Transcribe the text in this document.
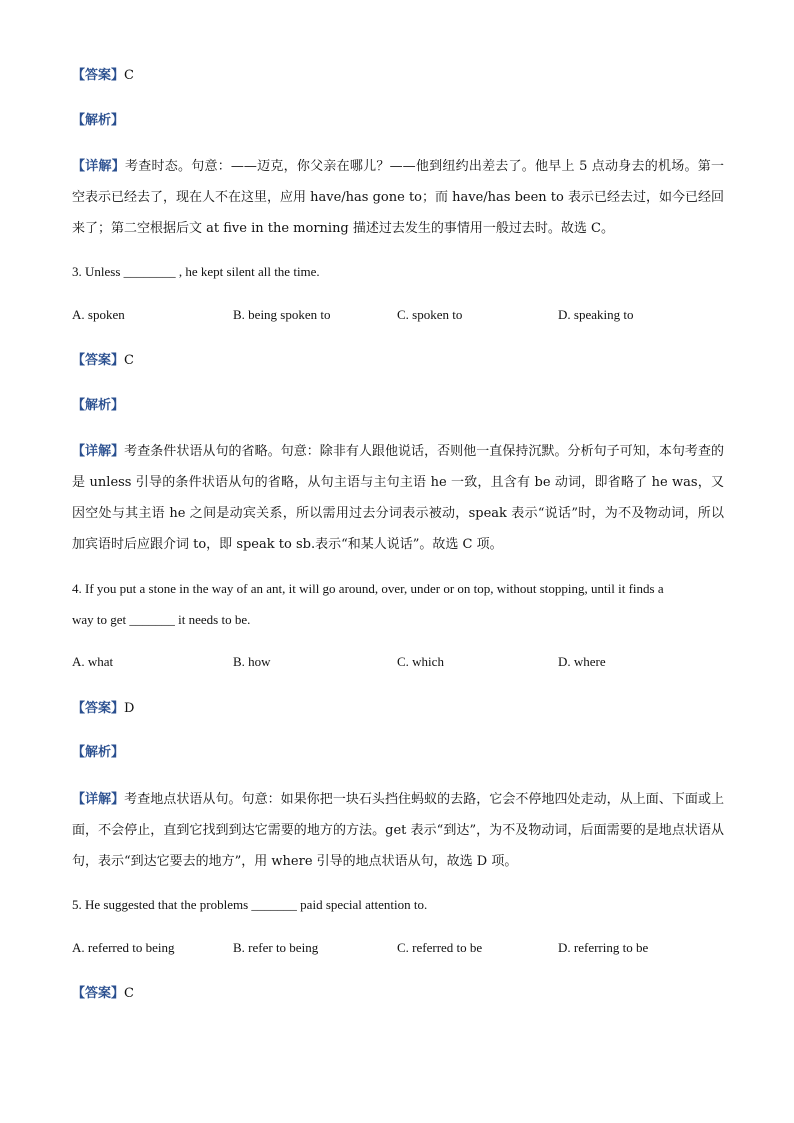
【答案】C
【解析】
【详解】考查时态。句意：——迈克，你父亲在哪儿？——他到纽约出差去了。他早上 5 点动身去的机场。第一空表示已经去了，现在人不在这里，应用 have/has gone to；而 have/has been to 表示已经去过，如今已经回来了；第二空根据后文 at five in the morning 描述过去发生的事情用一般过去时。故选 C。
3. Unless ________ , he kept silent all the time.
A. spoken	B. being spoken to	C. spoken to	D. speaking to
【答案】C
【解析】
【详解】考查条件状语从句的省略。句意：除非有人跟他说话，否则他一直保持沉默。分析句子可知，本句考查的是 unless 引导的条件状语从句的省略，从句主语与主句主语 he 一致，且含有 be 动词，即省略了 he was，又因空处与其主语 he 之间是动宾关系，所以需用过去分词表示被动，speak 表示“说话”时，为不及物动词，所以加宾语时后应跟介词 to，即 speak to sb.表示“和某人说话”。故选 C 项。
4. If you put a stone in the way of an ant, it will go around, over, under or on top, without stopping, until it finds a
way to get _______ it needs to be.
A. what	B. how	C. which	D. where
【答案】D
【解析】
【详解】考查地点状语从句。句意：如果你把一块石头挡住蚂蚁的去路，它会不停地四处走动，从上面、下面或上面，不会停止，直到它找到到达它需要的地方的方法。get 表示“到达”，为不及物动词，后面需要的是地点状语从句，表示“到达它要去的地方”，用 where 引导的地点状语从句，故选 D 项。
5. He suggested that the problems _______ paid special attention to.
A. referred to being	B. refer to being	C. referred to be	D. referring to be
【答案】C
